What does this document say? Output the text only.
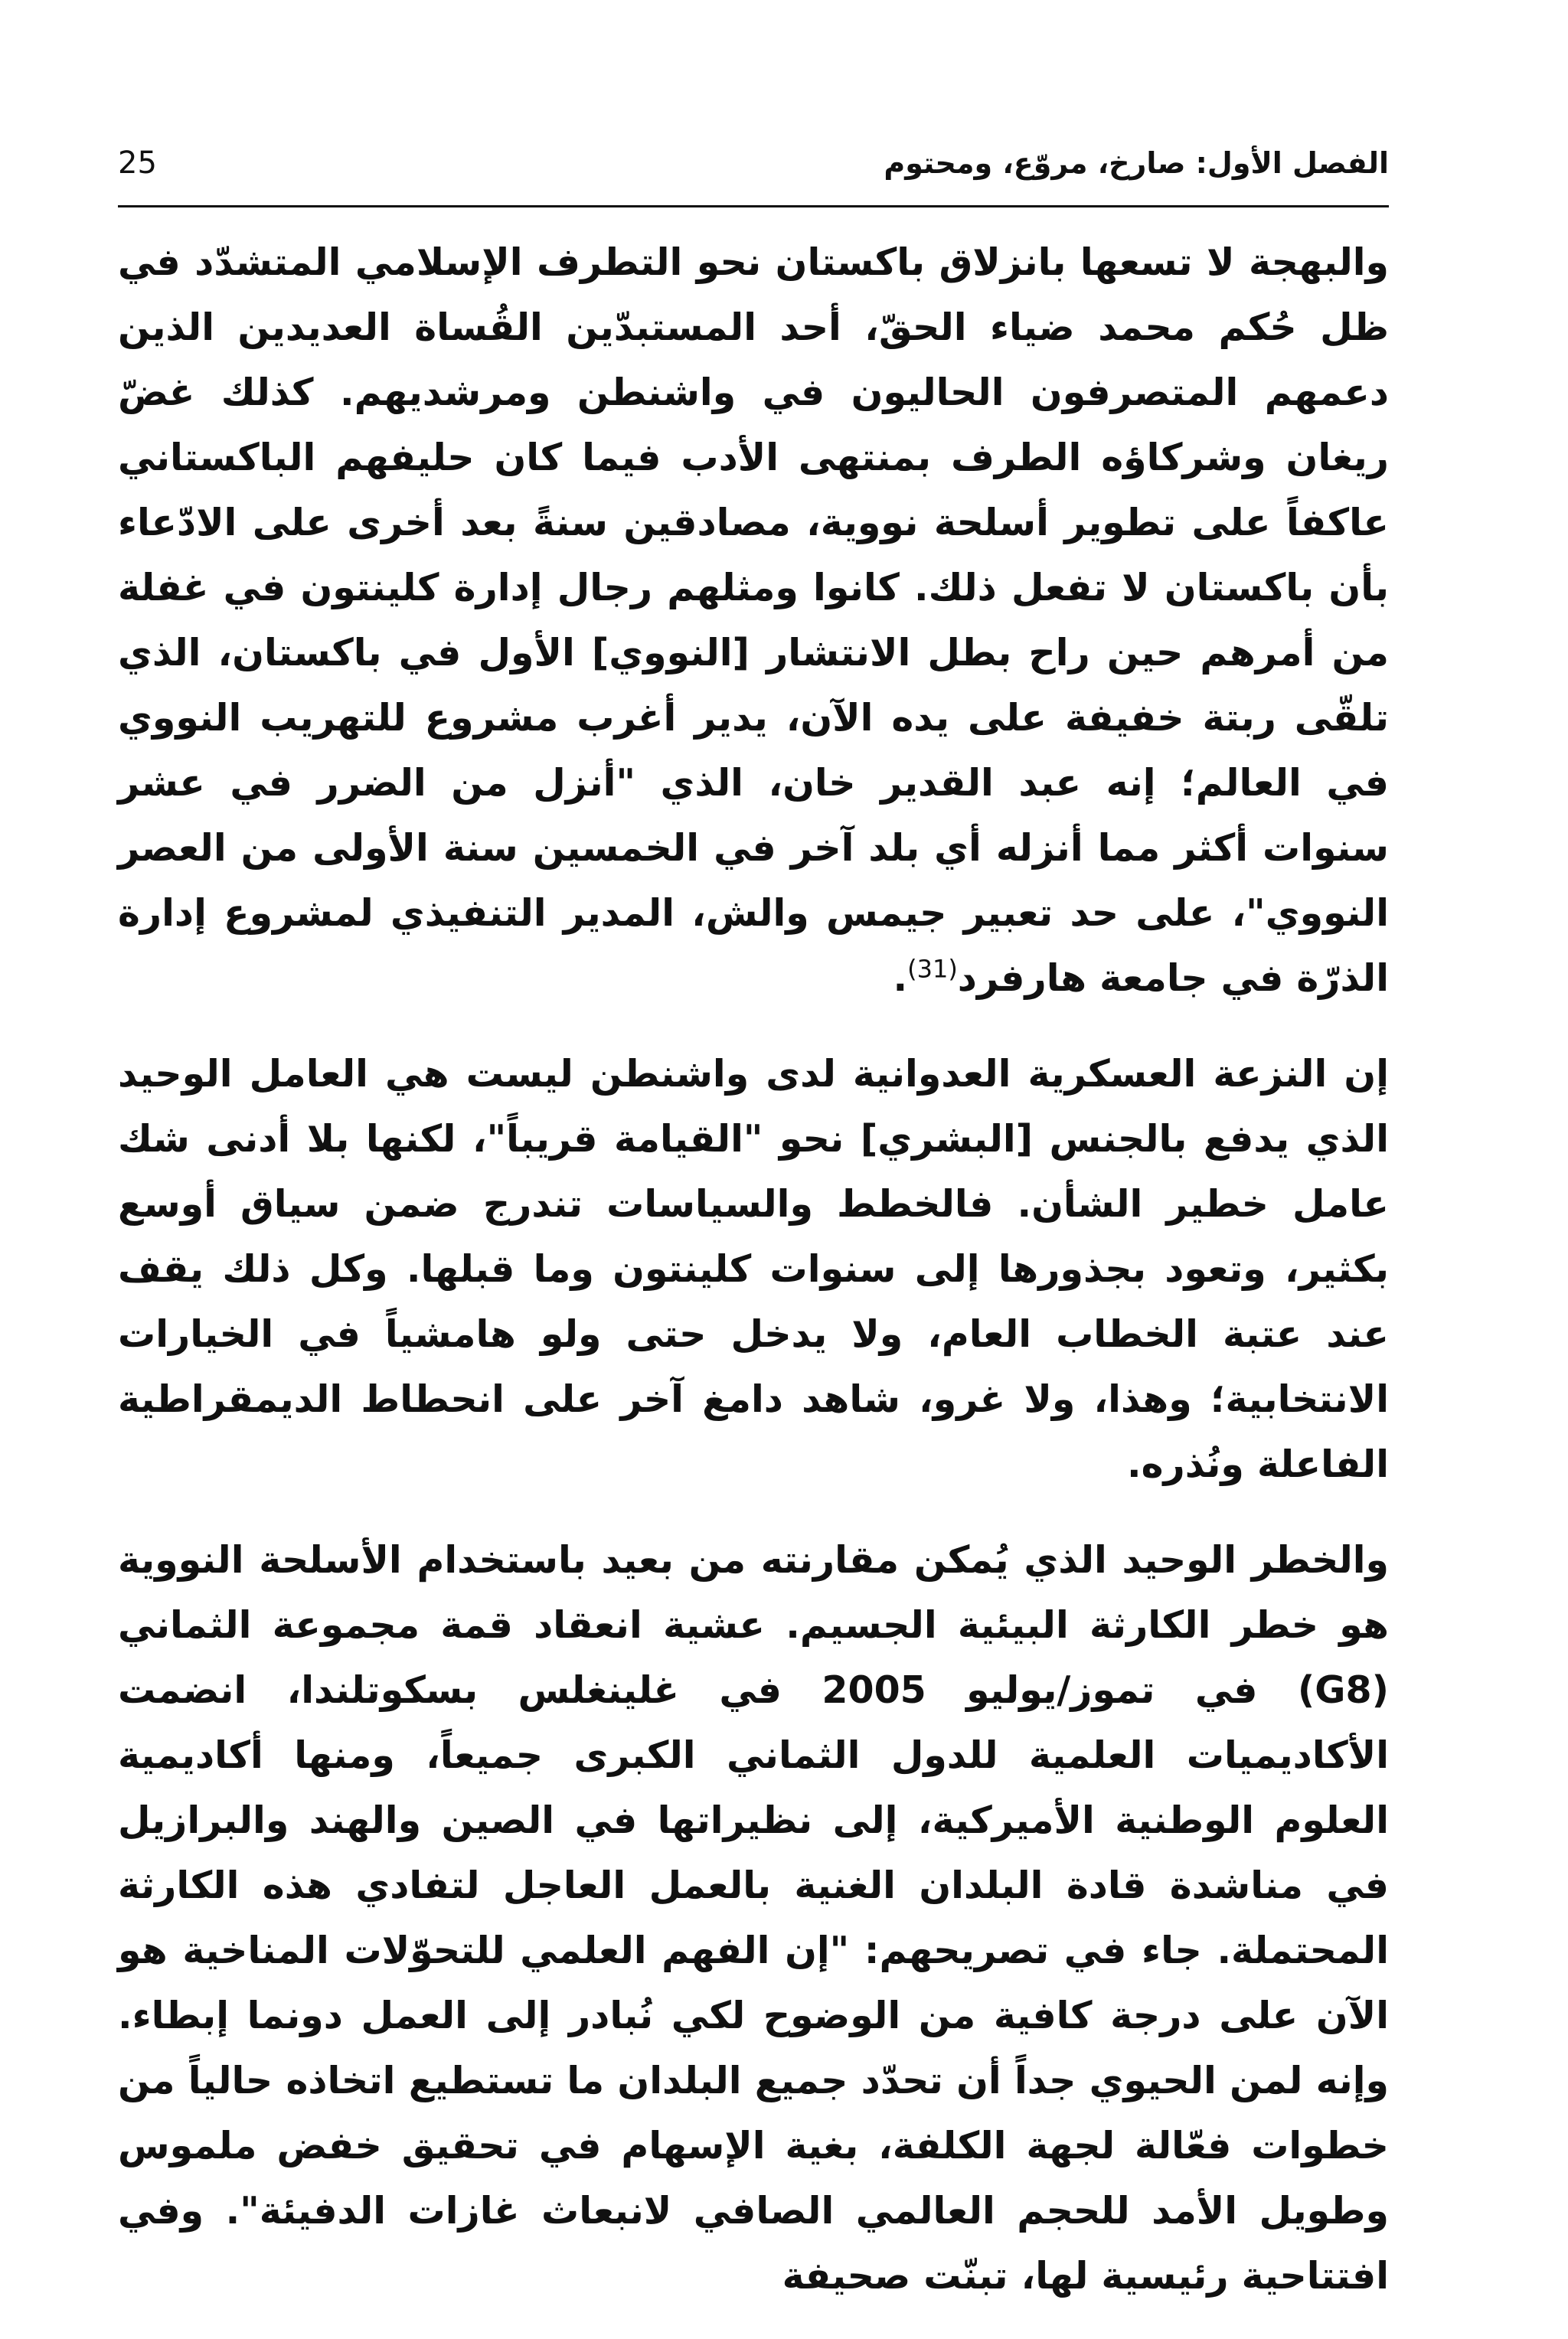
الفصل الأول: صارخ، مروّع، ومحتوم
25

والبهجة لا تسعها بانزلاق باكستان نحو التطرف الإسلامي المتشدّد في ظل حُكم محمد ضياء الحقّ، أحد المستبدّين القُساة العديدين الذين دعمهم المتصرفون الحاليون في واشنطن ومرشديهم. كذلك غضّ ريغان وشركاؤه الطرف بمنتهى الأدب فيما كان حليفهم الباكستاني عاكفاً على تطوير أسلحة نووية، مصادقين سنةً بعد أخرى على الادّعاء بأن باكستان لا تفعل ذلك. كانوا ومثلهم رجال إدارة كلينتون في غفلة من أمرهم حين راح بطل الانتشار [النووي] الأول في باكستان، الذي تلقّى ربتة خفيفة على يده الآن، يدير أغرب مشروع للتهريب النووي في العالم؛ إنه عبد القدير خان، الذي "أنزل من الضرر في عشر سنوات أكثر مما أنزله أي بلد آخر في الخمسين سنة الأولى من العصر النووي"، على حد تعبير جيمس والش، المدير التنفيذي لمشروع إدارة الذرّة في جامعة هارفرد$^{(31)}$.

إن النزعة العسكرية العدوانية لدى واشنطن ليست هي العامل الوحيد الذي يدفع بالجنس [البشري] نحو "القيامة قريباً"، لكنها بلا أدنى شك عامل خطير الشأن. فالخطط والسياسات تندرج ضمن سياق أوسع بكثير، وتعود بجذورها إلى سنوات كلينتون وما قبلها. وكل ذلك يقف عند عتبة الخطاب العام، ولا يدخل حتى ولو هامشياً في الخيارات الانتخابية؛ وهذا، ولا غرو، شاهد دامغ آخر على انحطاط الديمقراطية الفاعلة ونُذره.

والخطر الوحيد الذي يُمكن مقارنته من بعيد باستخدام الأسلحة النووية هو خطر الكارثة البيئية الجسيم. عشية انعقاد قمة مجموعة الثماني (G8) في تموز/يوليو 2005 في غلينغلس بسكوتلندا، انضمت الأكاديميات العلمية للدول الثماني الكبرى جميعاً، ومنها أكاديمية العلوم الوطنية الأميركية، إلى نظيراتها في الصين والهند والبرازيل في مناشدة قادة البلدان الغنية بالعمل العاجل لتفادي هذه الكارثة المحتملة. جاء في تصريحهم: "إن الفهم العلمي للتحوّلات المناخية هو الآن على درجة كافية من الوضوح لكي نُبادر إلى العمل دونما إبطاء. وإنه لمن الحيوي جداً أن تحدّد جميع البلدان ما تستطيع اتخاذه حالياً من خطوات فعّالة لجهة الكلفة، بغية الإسهام في تحقيق خفض ملموس وطويل الأمد للحجم العالمي الصافي لانبعاث غازات الدفيئة". وفي افتتاحية رئيسية لها، تبنّت صحيفة
